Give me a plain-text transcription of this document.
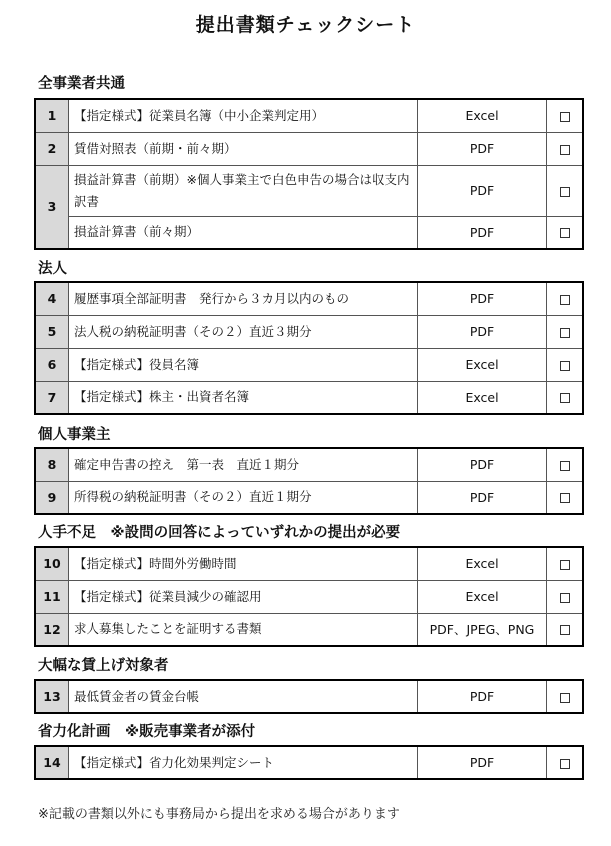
提出書類チェックシート
全事業者共通
1	【指定様式】従業員名簿（中小企業判定用）	Excel	
2	賃借対照表（前期・前々期）	PDF	
3	損益計算書（前期）※個人事業主で白色申告の場合は収支内訳書	PDF	
	損益計算書（前々期）	PDF	
法人
4	履歴事項全部証明書　発行から３カ月以内のもの	PDF	
5	法人税の納税証明書（その２）直近３期分	PDF	
6	【指定様式】役員名簿	Excel	
7	【指定様式】株主・出資者名簿	Excel	
個人事業主
8	確定申告書の控え　第一表　直近１期分	PDF	
9	所得税の納税証明書（その２）直近１期分	PDF	
人手不足　※設問の回答によっていずれかの提出が必要
10	【指定様式】時間外労働時間	Excel	
11	【指定様式】従業員減少の確認用	Excel	
12	求人募集したことを証明する書類	PDF、JPEG、PNG	
大幅な賃上げ対象者
13	最低賃金者の賃金台帳	PDF	
省力化計画　※販売事業者が添付
14	【指定様式】省力化効果判定シート	PDF	
※記載の書類以外にも事務局から提出を求める場合があります
